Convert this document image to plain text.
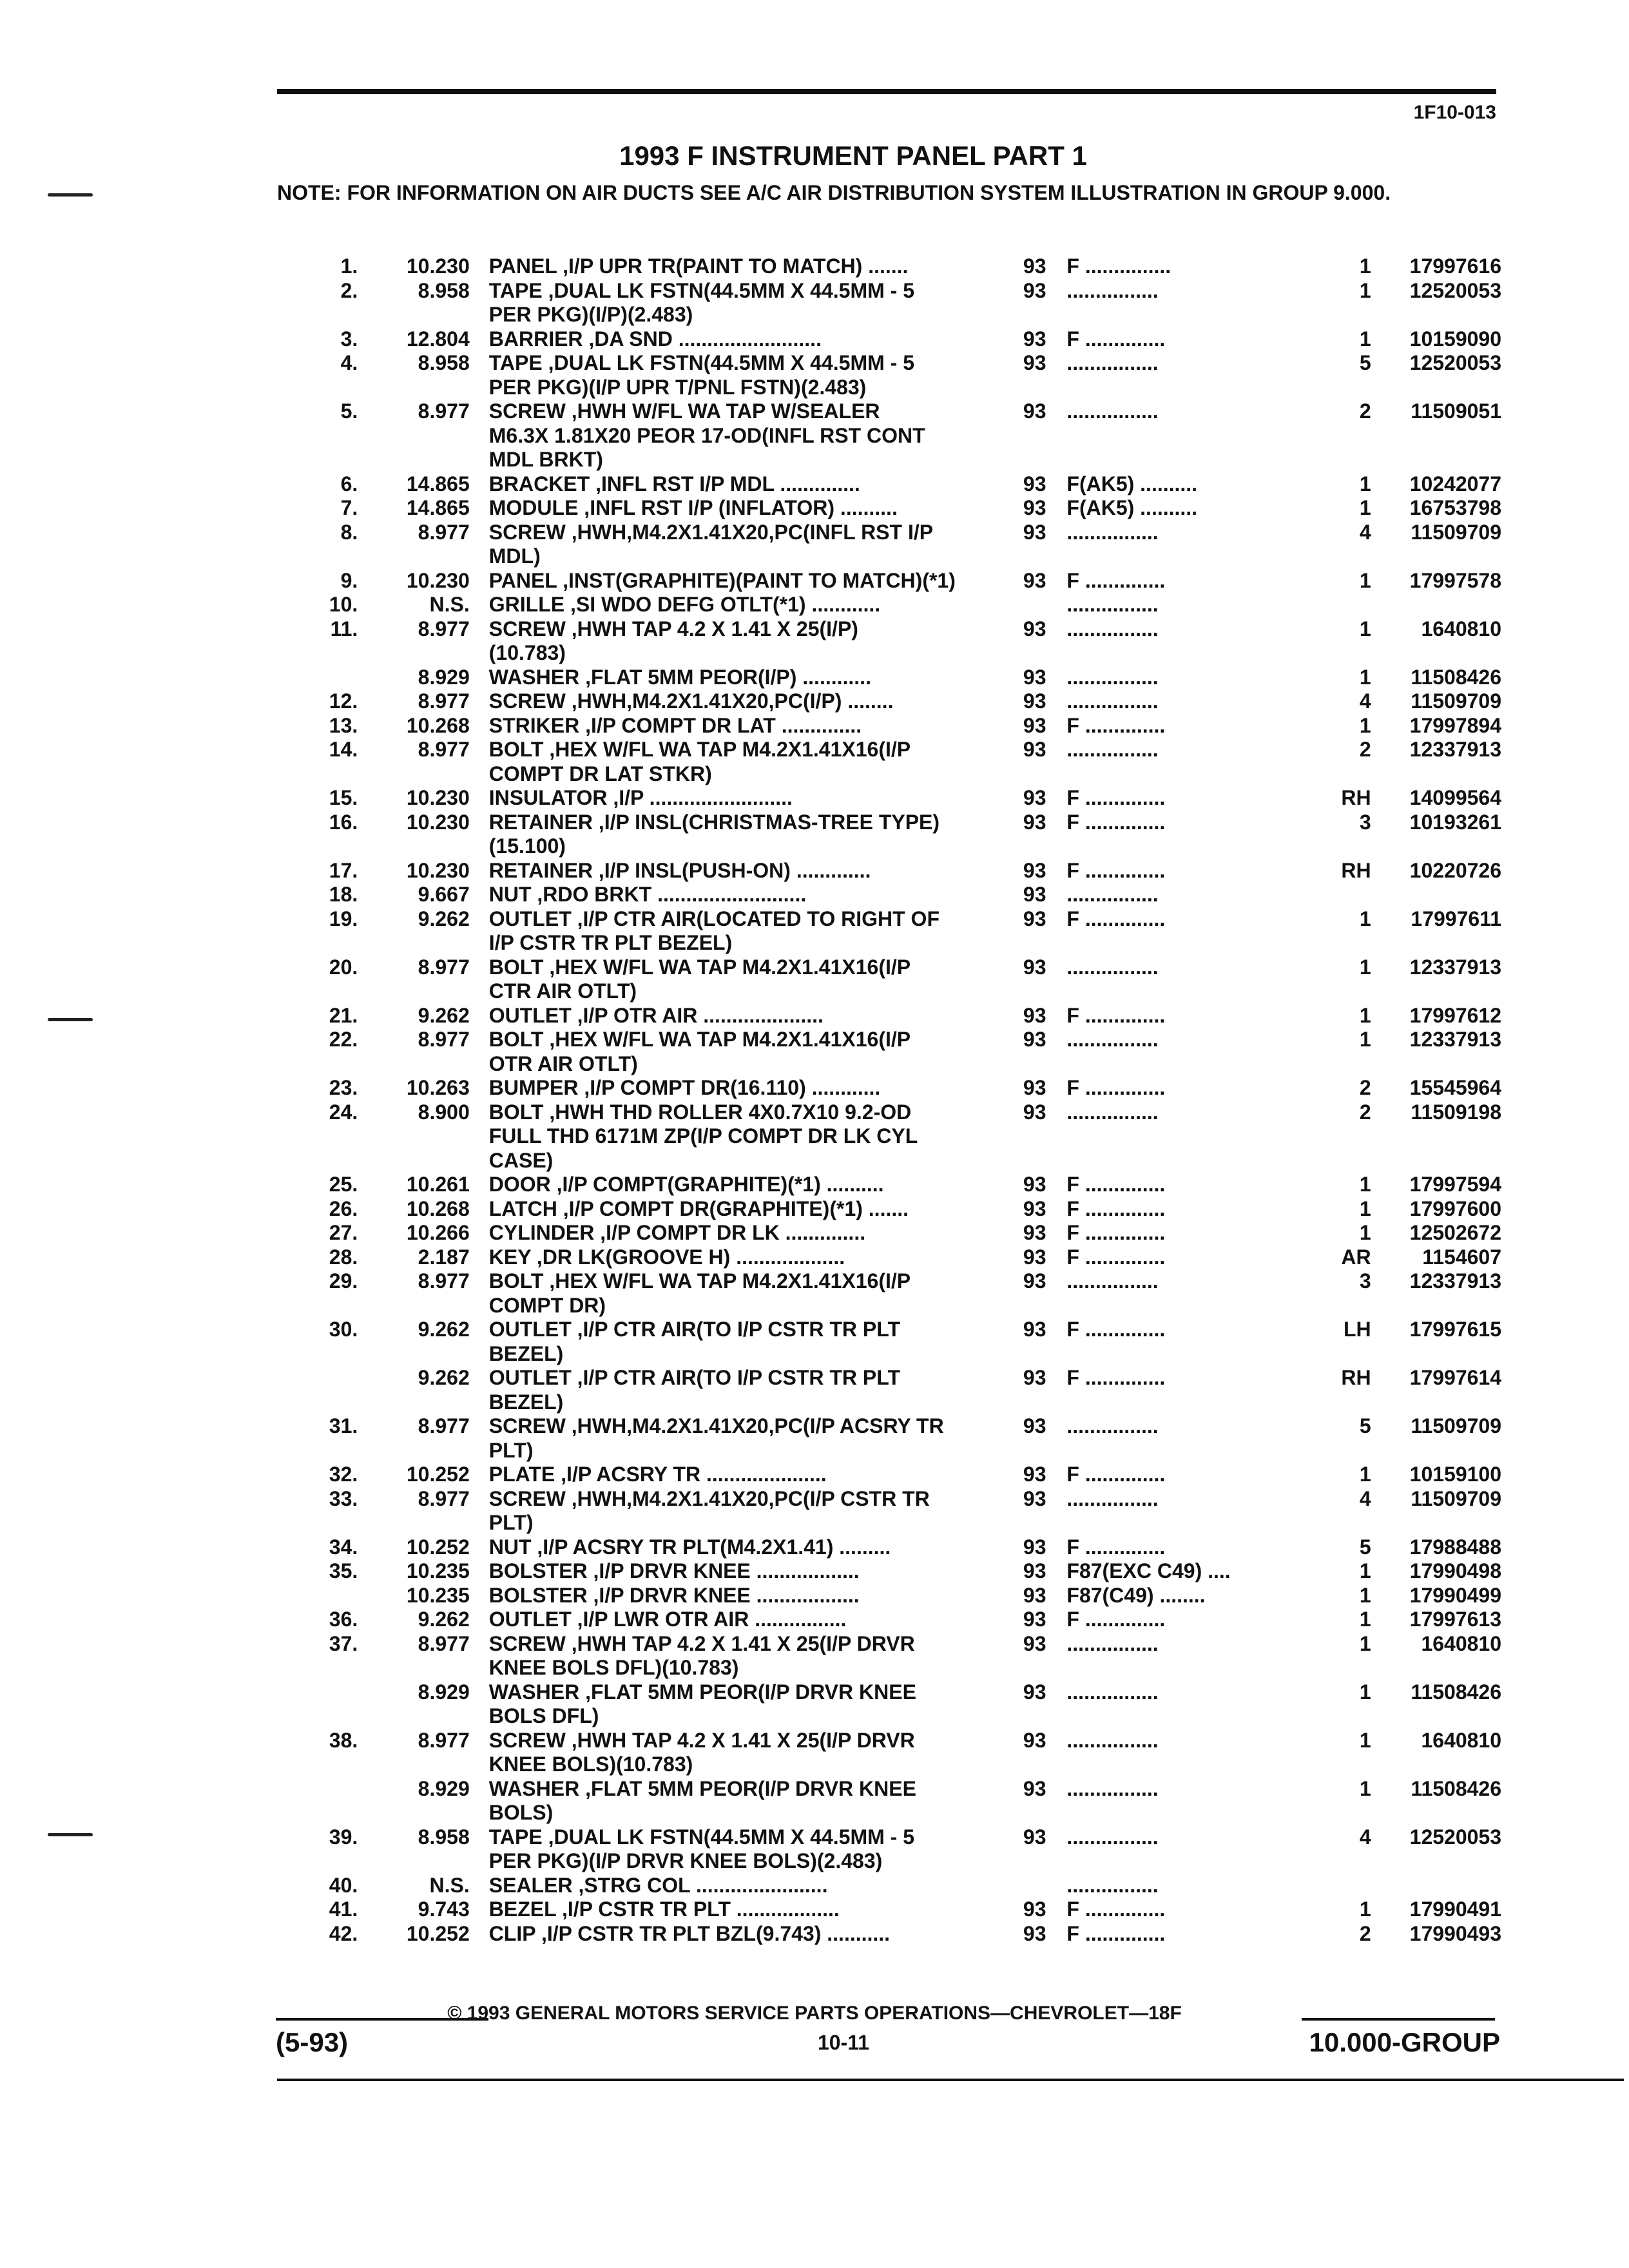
1F10-013
1993 F INSTRUMENT PANEL PART 1
NOTE: FOR INFORMATION ON AIR DUCTS SEE A/C AIR DISTRIBUTION SYSTEM ILLUSTRATION IN GROUP 9.000.
1.	10.230 PANEL ,I/P UPR TR(PAINT TO MATCH) .......	93 F ...............	1	17997616
2.	8.958 TAPE ,DUAL LK FSTN(44.5MM X 44.5MM - 5	93 ................	1	12520053
PER PKG)(I/P)(2.483)
3.	12.804 BARRIER ,DA SND .........................	93 F ..............	1	10159090
4.	8.958 TAPE ,DUAL LK FSTN(44.5MM X 44.5MM - 5	93 ................	5	12520053
PER PKG)(I/P UPR T/PNL FSTN)(2.483)
5.	8.977 SCREW ,HWH W/FL WA TAP W/SEALER	93 ................	2	11509051
M6.3X 1.81X20 PEOR 17-OD(INFL RST CONT
MDL BRKT)
6.	14.865 BRACKET ,INFL RST I/P MDL ..............	93 F(AK5) ..........	1	10242077
7.	14.865 MODULE ,INFL RST I/P (INFLATOR) ..........	93 F(AK5) ..........	1	16753798
8.	8.977 SCREW ,HWH,M4.2X1.41X20,PC(INFL RST I/P	93 ................	4	11509709
MDL)
9.	10.230 PANEL ,INST(GRAPHITE)(PAINT TO MATCH)(*1)	93 F ..............	1	17997578
10.	N.S. GRILLE ,SI WDO DEFG OTLT(*1) ............	................
11.	8.977 SCREW ,HWH TAP 4.2 X 1.41 X 25(I/P)	93 ................	1	1640810
(10.783)
8.929 WASHER ,FLAT 5MM PEOR(I/P) ............	93 ................	1	11508426
12.	8.977 SCREW ,HWH,M4.2X1.41X20,PC(I/P) ........	93 ................	4	11509709
13.	10.268 STRIKER ,I/P COMPT DR LAT ..............	93 F ..............	1	17997894
14.	8.977 BOLT ,HEX W/FL WA TAP M4.2X1.41X16(I/P	93 ................	2	12337913
COMPT DR LAT STKR)
15.	10.230 INSULATOR ,I/P .........................	93 F ..............	RH	14099564
16.	10.230 RETAINER ,I/P INSL(CHRISTMAS-TREE TYPE)	93 F ..............	3	10193261
(15.100)
17.	10.230 RETAINER ,I/P INSL(PUSH-ON) .............	93 F ..............	RH	10220726
18.	9.667 NUT ,RDO BRKT ..........................	93 ................
19.	9.262 OUTLET ,I/P CTR AIR(LOCATED TO RIGHT OF	93 F ..............	1	17997611
I/P CSTR TR PLT BEZEL)
20.	8.977 BOLT ,HEX W/FL WA TAP M4.2X1.41X16(I/P	93 ................	1	12337913
CTR AIR OTLT)
21.	9.262 OUTLET ,I/P OTR AIR .....................	93 F ..............	1	17997612
22.	8.977 BOLT ,HEX W/FL WA TAP M4.2X1.41X16(I/P	93 ................	1	12337913
OTR AIR OTLT)
23.	10.263 BUMPER ,I/P COMPT DR(16.110) ............	93 F ..............	2	15545964
24.	8.900 BOLT ,HWH THD ROLLER 4X0.7X10 9.2-OD	93 ................	2	11509198
FULL THD 6171M ZP(I/P COMPT DR LK CYL
CASE)
25.	10.261 DOOR ,I/P COMPT(GRAPHITE)(*1) ..........	93 F ..............	1	17997594
26.	10.268 LATCH ,I/P COMPT DR(GRAPHITE)(*1) .......	93 F ..............	1	17997600
27.	10.266 CYLINDER ,I/P COMPT DR LK ..............	93 F ..............	1	12502672
28.	2.187 KEY ,DR LK(GROOVE H) ...................	93 F ..............	AR	1154607
29.	8.977 BOLT ,HEX W/FL WA TAP M4.2X1.41X16(I/P	93 ................	3	12337913
COMPT DR)
30.	9.262 OUTLET ,I/P CTR AIR(TO I/P CSTR TR PLT	93 F ..............	LH	17997615
BEZEL)
9.262 OUTLET ,I/P CTR AIR(TO I/P CSTR TR PLT	93 F ..............	RH	17997614
BEZEL)
31.	8.977 SCREW ,HWH,M4.2X1.41X20,PC(I/P ACSRY TR	93 ................	5	11509709
PLT)
32.	10.252 PLATE ,I/P ACSRY TR .....................	93 F ..............	1	10159100
33.	8.977 SCREW ,HWH,M4.2X1.41X20,PC(I/P CSTR TR	93 ................	4	11509709
PLT)
34.	10.252 NUT ,I/P ACSRY TR PLT(M4.2X1.41) .........	93 F ..............	5	17988488
35.	10.235 BOLSTER ,I/P DRVR KNEE ..................	93 F87(EXC C49) ....	1	17990498
10.235 BOLSTER ,I/P DRVR KNEE ..................	93 F87(C49) ........	1	17990499
36.	9.262 OUTLET ,I/P LWR OTR AIR ................	93 F ..............	1	17997613
37.	8.977 SCREW ,HWH TAP 4.2 X 1.41 X 25(I/P DRVR	93 ................	1	1640810
KNEE BOLS DFL)(10.783)
8.929 WASHER ,FLAT 5MM PEOR(I/P DRVR KNEE	93 ................	1	11508426
BOLS DFL)
38.	8.977 SCREW ,HWH TAP 4.2 X 1.41 X 25(I/P DRVR	93 ................	1	1640810
KNEE BOLS)(10.783)
8.929 WASHER ,FLAT 5MM PEOR(I/P DRVR KNEE	93 ................	1	11508426
BOLS)
39.	8.958 TAPE ,DUAL LK FSTN(44.5MM X 44.5MM - 5	93 ................	4	12520053
PER PKG)(I/P DRVR KNEE BOLS)(2.483)
40.	N.S. SEALER ,STRG COL .......................	................
41.	9.743 BEZEL ,I/P CSTR TR PLT ..................	93 F ..............	1	17990491
42.	10.252 CLIP ,I/P CSTR TR PLT BZL(9.743) ...........	93 F ..............	2	17990493
© 1993 GENERAL MOTORS SERVICE PARTS OPERATIONS—CHEVROLET—18F
(5-93)	10-11	10.000-GROUP
